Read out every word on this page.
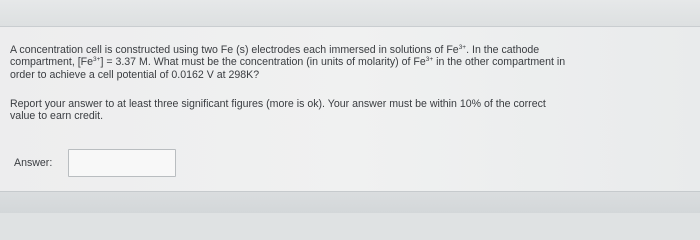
A concentration cell is constructed using two Fe (s) electrodes each immersed in solutions of $Fe^{3+}$. In the cathode
compartment, $[Fe^{3+}] = 3.37$ M. What must be the concentration (in units of molarity) of $Fe^{3+}$ in the other compartment in
order to achieve a cell potential of 0.0162 V at 298K?

Report your answer to at least three significant figures (more is ok). Your answer must be within 10% of the correct
value to earn credit.

Answer:
